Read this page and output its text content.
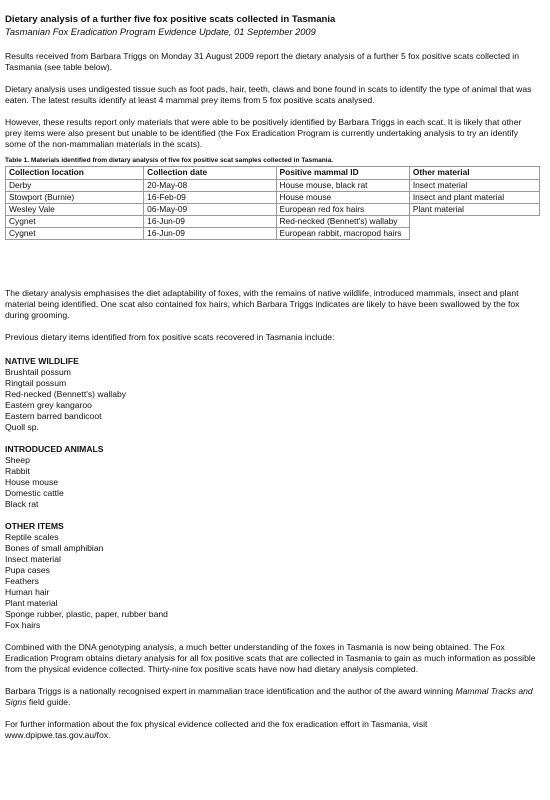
Dietary analysis of a further five fox positive scats collected in Tasmania

Tasmanian Fox Eradication Program Evidence Update, 01 September 2009

Results received from Barbara Triggs on Monday 31 August 2009 report the dietary analysis of a further 5 fox positive scats collected in Tasmania (see table below).

Dietary analysis uses undigested tissue such as foot pads, hair, teeth, claws and bone found in scats to identify the type of animal that was eaten. The latest results identify at least 4 mammal prey items from 5 fox positive scats analysed.

However, these results report only materials that were able to be positively identified by Barbara Triggs in each scat. It is likely that other prey items were also present but unable to be identified (the Fox Eradication Program is currently undertaking analysis to try an identify some of the non-mammalian materials in the scats).

Table 1. Materials identified from dietary analysis of five fox positive scat samples collected in Tasmania.
Collection location	Collection date	Positive mammal ID	Other material
Derby	20-May-08	House mouse, black rat	Insect material
Stowport (Burnie)	16-Feb-09	House mouse	Insect and plant material
Wesley Vale	06-May-09	European red fox hairs	Plant material
Cygnet	16-Jun-09	Red-necked (Bennett's) wallaby	
Cygnet	16-Jun-09	European rabbit, macropod hairs	

The dietary analysis emphasises the diet adaptability of foxes, with the remains of native wildlife, introduced mammals, insect and plant material being identified. One scat also contained fox hairs, which Barbara Triggs indicates are likely to have been swallowed by the fox during grooming.

Previous dietary items identified from fox positive scats recovered in Tasmania include:

NATIVE WILDLIFE
Brushtail possum
Ringtail possum
Red-necked (Bennett's) wallaby
Eastern grey kangaroo
Eastern barred bandicoot
Quoll sp.
INTRODUCED ANIMALS
Sheep
Rabbit
House mouse
Domestic cattle
Black rat
OTHER ITEMS
Reptile scales
Bones of small amphibian
Insect material
Pupa cases
Feathers
Human hair
Plant material
Sponge rubber, plastic, paper, rubber band
Fox hairs

Combined with the DNA genotyping analysis, a much better understanding of the foxes in Tasmania is now being obtained. The Fox Eradication Program obtains dietary analysis for all fox positive scats that are collected in Tasmania to gain as much information as possible from the physical evidence collected. Thirty-nine fox positive scats have now had dietary analysis completed.

Barbara Triggs is a nationally recognised expert in mammalian trace identification and the author of the award winning Mammal Tracks and Signs field guide.

For further information about the fox physical evidence collected and the fox eradication effort in Tasmania, visit
www.dpipwe.tas.gov.au/fox.
